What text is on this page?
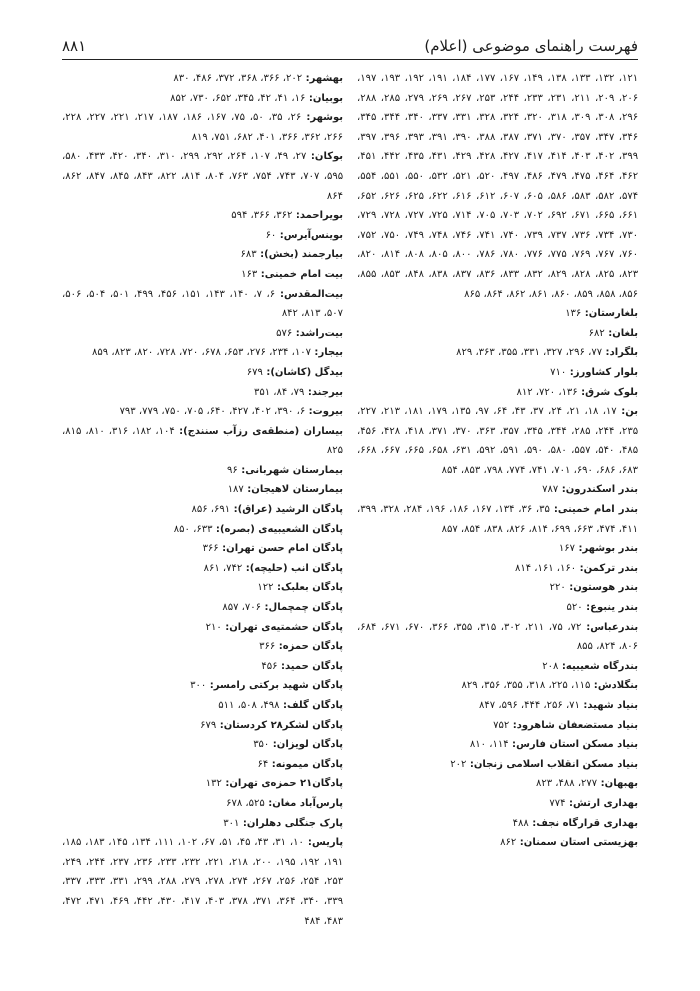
فهرست راهنمای موضوعی (اعلام)
۸۸۱

۱۲۱، ۱۳۲، ۱۳۳، ۱۳۸، ۱۴۹، ۱۶۷، ۱۷۷، ۱۸۴، ۱۹۱، ۱۹۲، ۱۹۳، ۱۹۷، ۲۰۶، ۲۰۹، ۲۱۱، ۲۳۱، ۲۳۳، ۲۴۴، ۲۵۳، ۲۶۷، ۲۶۹، ۲۷۹، ۲۸۵، ۲۸۸، ۲۹۶، ۳۰۸، ۳۰۹، ۳۱۸، ۳۲۰، ۳۲۴، ۳۲۸، ۳۳۱، ۳۳۷، ۳۴۰، ۳۴۴، ۳۴۵، ۳۴۶، ۳۴۷، ۳۵۷، ۳۷۰، ۳۷۱، ۳۸۷، ۳۸۸، ۳۹۰، ۳۹۱، ۳۹۳، ۳۹۶، ۳۹۷، ۳۹۹، ۴۰۲، ۴۰۳، ۴۱۴، ۴۱۷، ۴۲۷، ۴۲۸، ۴۲۹، ۴۳۱، ۴۳۵، ۴۴۲، ۴۵۱، ۴۶۲، ۴۶۴، ۴۷۵، ۴۷۹، ۴۸۶، ۴۹۷، ۵۲۰، ۵۲۱، ۵۳۲، ۵۵۰، ۵۵۱، ۵۵۴، ۵۷۴، ۵۸۲، ۵۸۳، ۵۸۶، ۶۰۵، ۶۰۷، ۶۱۲، ۶۱۶، ۶۲۲، ۶۲۵، ۶۲۶، ۶۵۲، ۶۶۱، ۶۶۵، ۶۷۱، ۶۹۲، ۷۰۲، ۷۰۳، ۷۰۵، ۷۱۴، ۷۲۵، ۷۲۷، ۷۲۸، ۷۲۹، ۷۳۰، ۷۳۴، ۷۳۶، ۷۳۷، ۷۳۹، ۷۴۰، ۷۴۱، ۷۴۶، ۷۴۸، ۷۴۹، ۷۵۰، ۷۵۲، ۷۶۰، ۷۶۷، ۷۶۹، ۷۷۵، ۷۷۶، ۷۸۰، ۷۸۶، ۸۰۰، ۸۰۵، ۸۰۸، ۸۱۴، ۸۲۰، ۸۲۳، ۸۲۵، ۸۲۸، ۸۲۹، ۸۳۲، ۸۳۳، ۸۳۶، ۸۳۷، ۸۳۸، ۸۴۸، ۸۵۳، ۸۵۵، ۸۵۶، ۸۵۸، ۸۵۹، ۸۶۰، ۸۶۱، ۸۶۲، ۸۶۴، ۸۶۵

بلغارستان : ۱۳۶

بلغان : ۶۸۲

بلگراد : ۷۷، ۲۹۶، ۳۲۷، ۳۳۱، ۳۵۵، ۳۶۳، ۸۲۹

بلوار کشاورز : ۷۱۰

بلوک شرق : ۱۳۶، ۷۲۰، ۸۱۲

بن : ۱۷، ۱۸، ۲۱، ۲۴، ۳۷، ۴۳، ۶۴، ۹۷، ۱۳۵، ۱۷۹، ۱۸۱، ۲۱۳، ۲۲۷، ۲۳۵، ۲۴۴، ۲۸۵، ۳۴۴، ۳۴۵، ۳۵۷، ۳۶۳، ۳۷۰، ۳۷۱، ۴۱۸، ۴۲۸، ۴۵۶، ۴۸۵، ۵۴۰، ۵۵۷، ۵۸۰، ۵۹۰، ۵۹۱، ۵۹۲، ۶۳۱، ۶۵۸، ۶۶۵، ۶۶۷، ۶۶۸، ۶۸۳، ۶۸۶، ۶۹۰، ۷۰۱، ۷۴۱، ۷۷۴، ۷۹۸، ۸۵۳، ۸۵۴

بندر اسکندرون : ۷۸۷

بندر امام خمینی : ۳۵، ۳۶، ۱۳۴، ۱۶۷، ۱۸۶، ۱۹۶، ۲۸۴، ۳۲۸، ۳۹۹، ۴۱۱، ۴۷۴، ۶۶۳، ۶۹۹، ۸۱۴، ۸۲۶، ۸۳۸، ۸۵۴، ۸۵۷

بندر بوشهر : ۱۶۷

بندر ترکمن : ۱۶۰، ۱۶۱، ۸۱۴

بندر هوستون : ۲۲۰

بندر ینبوع : ۵۲۰

بندرعباس : ۷۲، ۷۵، ۲۱۱، ۳۰۲، ۳۱۵، ۳۵۵، ۳۶۶، ۶۷۰، ۶۷۱، ۶۸۴، ۸۰۶، ۸۲۴، ۸۵۵

بندرگاه شعیبیه : ۲۰۸

بنگلادش : ۱۱۵، ۲۲۵، ۳۱۸، ۳۵۵، ۳۵۶، ۸۲۹

بنیاد شهید : ۷۱، ۲۵۶، ۴۴۴، ۵۹۶، ۸۴۷

بنیاد مستضعفان شاهرود : ۷۵۲

بنیاد مسکن استان فارس : ۱۱۴، ۸۱۰

بنیاد مسکن انقلاب اسلامی زنجان : ۲۰۲

بهبهان : ۲۷۷، ۴۸۸، ۸۲۳

بهداری ارتش : ۷۷۴

بهداری قرارگاه نجف : ۴۸۸

بهزیستی استان سمنان : ۸۶۲

بهشهر : ۲۰۲، ۳۶۶، ۳۶۸، ۳۷۲، ۴۸۶، ۸۳۰

بوبیان : ۱۶، ۴۱، ۴۲، ۳۴۵، ۶۵۲، ۷۳۰، ۸۵۲

بوشهر : ۲۶، ۳۵، ۵۰، ۷۵، ۱۶۷، ۱۸۶، ۱۸۷، ۲۱۷، ۲۲۱، ۲۲۷، ۲۲۸، ۲۶۶، ۳۶۲، ۳۶۶، ۴۰۱، ۶۸۲، ۷۵۱، ۸۱۹

بوکان : ۲۷، ۴۹، ۱۰۷، ۲۶۴، ۲۹۲، ۲۹۹، ۳۱۰، ۳۴۰، ۴۲۰، ۴۳۳، ۵۸۰، ۵۹۵، ۷۰۷، ۷۴۳، ۷۵۴، ۷۶۳، ۸۰۴، ۸۱۴، ۸۲۲، ۸۴۳، ۸۴۵، ۸۴۷، ۸۶۲، ۸۶۴

بویراحمد : ۳۶۲، ۳۶۶، ۵۹۴

بوینس‌آیرس : ۶۰

بیارجمند (بخش) : ۶۸۳

بیت امام خمینی : ۱۶۳

بیت‌المقدس : ۶، ۷، ۱۴۰، ۱۴۳، ۱۵۱، ۴۵۶، ۴۹۹، ۵۰۱، ۵۰۴، ۵۰۶، ۵۰۷، ۸۱۳، ۸۴۲

بیت‌راشد : ۵۷۶

بیجار : ۱۰۷، ۲۳۴، ۲۷۶، ۶۵۳، ۶۷۸، ۷۲۰، ۷۲۸، ۸۲۰، ۸۲۳، ۸۵۹

بیدگل (کاشان) : ۶۷۹

بیرجند : ۷۹، ۸۴، ۳۵۱

بیروت : ۶، ۳۹۰، ۴۰۲، ۴۲۷، ۶۴۰، ۷۰۵، ۷۵۰، ۷۷۹، ۷۹۳

بیساران (منطقه‌ی رزآب سنندج) : ۱۰۴، ۱۸۲، ۳۱۶، ۸۱۰، ۸۱۵، ۸۲۵

بیمارستان شهربانی : ۹۶

بیمارستان لاهیجان : ۱۸۷

پادگان الرشید (عراق) : ۶۹۱، ۸۵۶

پادگان الشعیبیه‌ی (بصره) : ۶۳۳، ۸۵۰

پادگان امام حسن تهران : ۳۶۶

پادگان انب (حلیچه) : ۷۴۲، ۸۶۱

پادگان بعلبک : ۱۲۲

پادگان چمچمال : ۷۰۶، ۸۵۷

پادگان حشمتیه‌ی تهران : ۲۱۰

پادگان حمزه : ۳۶۶

پادگان حمید : ۴۵۶

پادگان شهید برکتی رامسر : ۳۰۰

پادگان گلف : ۴۹۸، ۵۰۸، ۵۱۱

پادگان لشکر۲۸ کردستان : ۶۷۹

پادگان لویزان : ۳۵۰

پادگان میمونه : ۶۴

پادگان۲۱ حمزه‌ی تهران : ۱۳۲

پارس‌آباد مغان : ۵۲۵، ۶۷۸

پارک جنگلی دهلران : ۳۰۱

پاریس : ۱۰، ۳۱، ۴۳، ۴۵، ۵۱، ۶۷، ۱۰۲، ۱۱۱، ۱۳۴، ۱۴۵، ۱۸۳، ۱۸۵، ۱۹۱، ۱۹۲، ۱۹۵، ۲۰۰، ۲۱۸، ۲۲۱، ۲۳۲، ۲۳۳، ۲۳۶، ۲۳۷، ۲۴۴، ۲۴۹، ۲۵۳، ۲۵۴، ۲۵۶، ۲۶۷، ۲۷۴، ۲۷۸، ۲۷۹، ۲۸۸، ۲۹۹، ۳۳۱، ۳۳۳، ۳۳۷، ۳۳۹، ۳۴۰، ۳۶۴، ۳۷۱، ۳۷۸، ۴۰۳، ۴۱۷، ۴۳۰، ۴۴۲، ۴۶۹، ۴۷۱، ۴۷۲، ۴۸۳، ۴۸۴
